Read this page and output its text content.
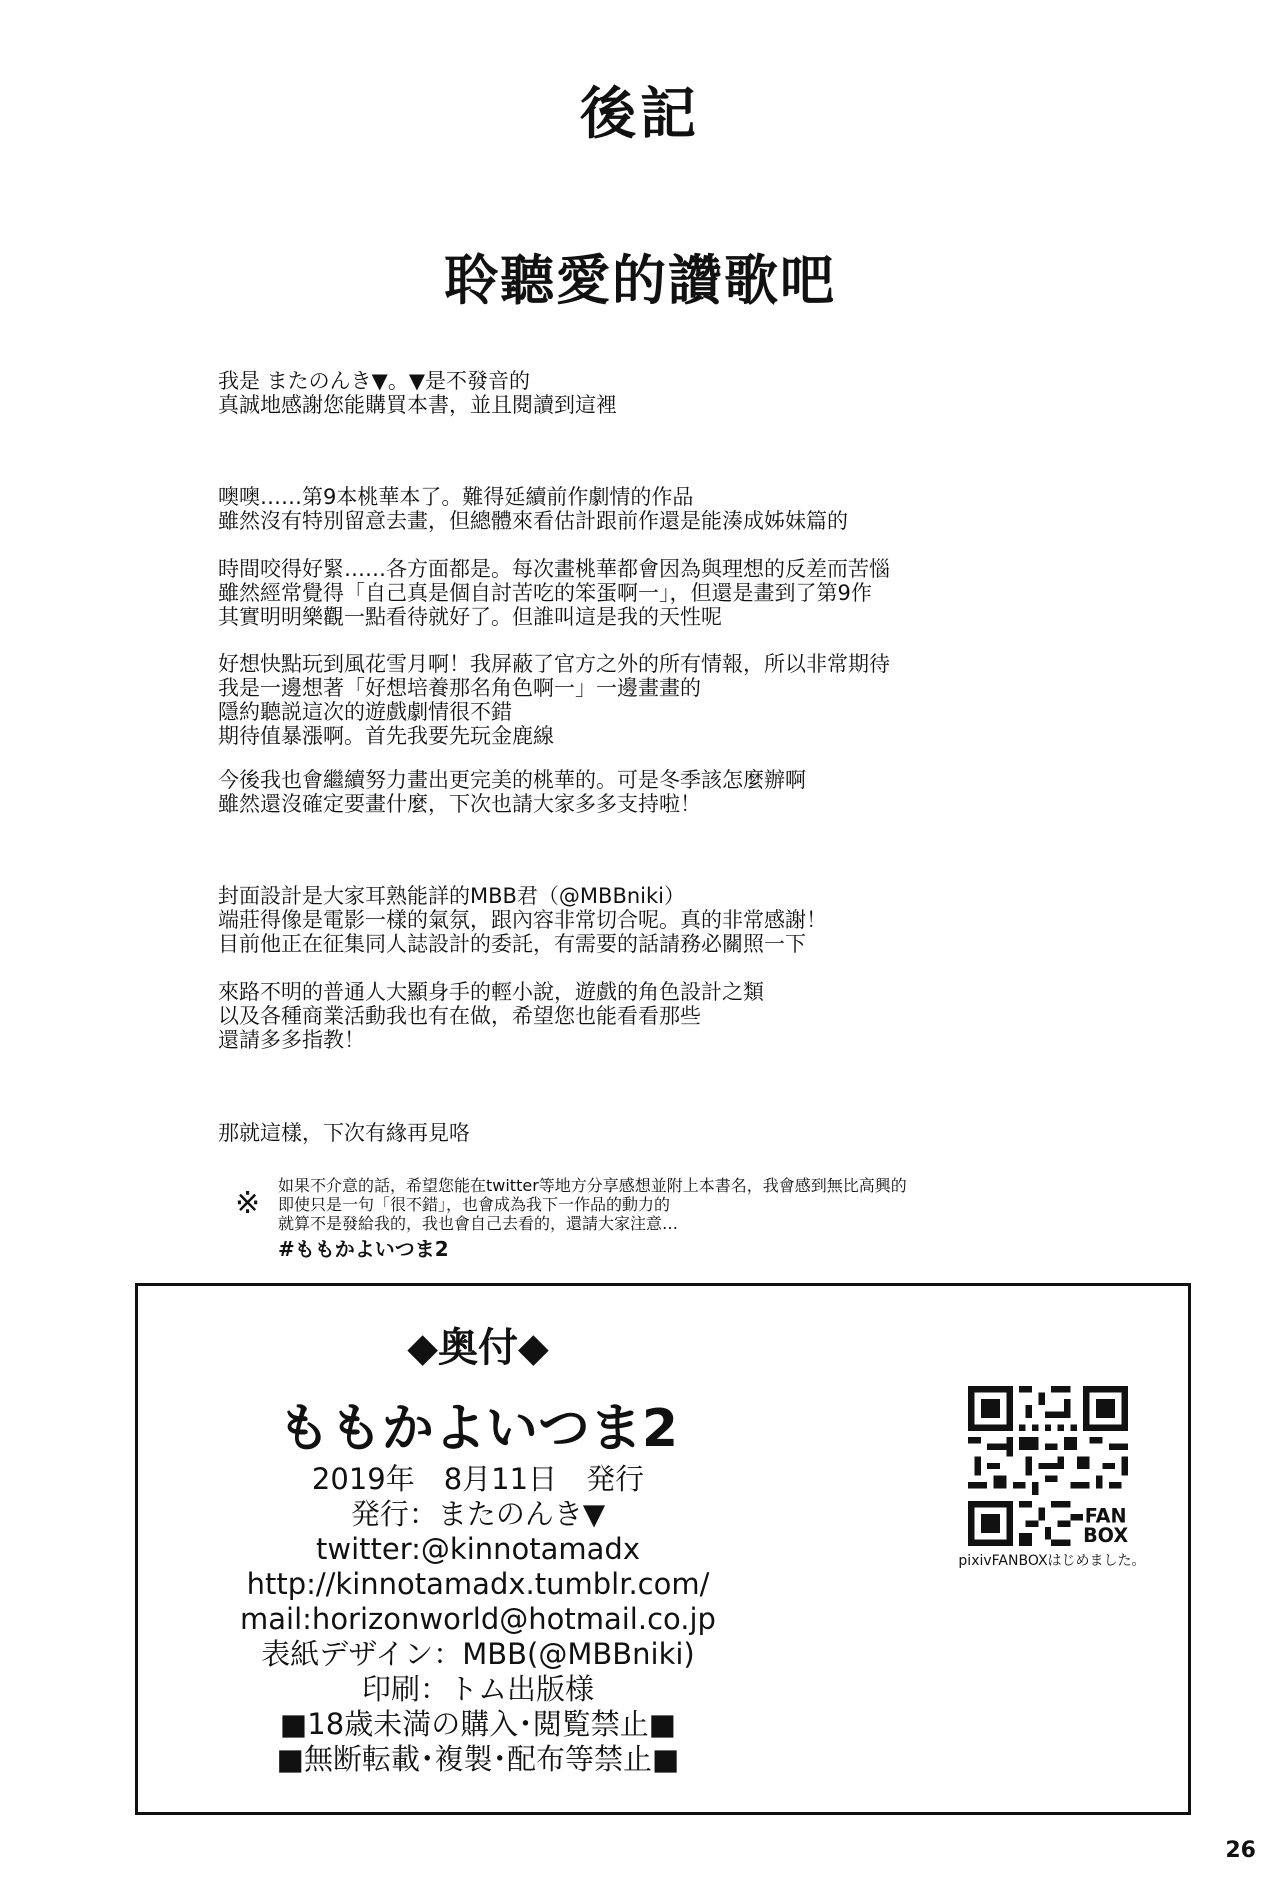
後記
聆聽愛的讚歌吧
我是 またのんき▼。▼是不發音的
真誠地感謝您能購買本書，並且閱讀到這裡
噢噢……第9本桃華本了。難得延續前作劇情的作品
雖然沒有特別留意去畫，但總體來看估計跟前作還是能湊成姊妹篇的
時間咬得好緊……各方面都是。每次畫桃華都會因為與理想的反差而苦惱
雖然經常覺得「自己真是個自討苦吃的笨蛋啊一」，但還是畫到了第9作
其實明明樂觀一點看待就好了。但誰叫這是我的天性呢
好想快點玩到風花雪月啊！我屏蔽了官方之外的所有情報，所以非常期待
我是一邊想著「好想培養那名角色啊一」一邊畫畫的
隱約聽説這次的遊戲劇情很不錯
期待值暴漲啊。首先我要先玩金鹿線
今後我也會繼續努力畫出更完美的桃華的。可是冬季該怎麼辦啊
雖然還沒確定要畫什麼，下次也請大家多多支持啦！
封面設計是大家耳熟能詳的MBB君（@MBBniki）
端莊得像是電影一樣的氣氛，跟內容非常切合呢。真的非常感謝！
目前他正在征集同人誌設計的委託，有需要的話請務必關照一下
來路不明的普通人大顯身手的輕小說，遊戲的角色設計之類
以及各種商業活動我也有在做，希望您也能看看那些
還請多多指教！
那就這樣，下次有緣再見咯
※
如果不介意的話，希望您能在twitter等地方分享感想並附上本書名，我會感到無比高興的
即使只是一句「很不錯」，也會成為我下一作品的動力的
就算不是發給我的，我也會自己去看的，還請大家注意…
#ももかよいつま2
◆奥付◆
ももかよいつま2
2019年　8月11日　発行
発行：またのんき▼
twitter:@kinnotamadx
http://kinnotamadx.tumblr.com/
mail:horizonworld@hotmail.co.jp
表紙デザイン：MBB(@MBBniki)
印刷：トム出版様
■18歳未満の購入･閲覧禁止■
■無断転載･複製･配布等禁止■
FAN
BOX
pixivFANBOXはじめました。
26
